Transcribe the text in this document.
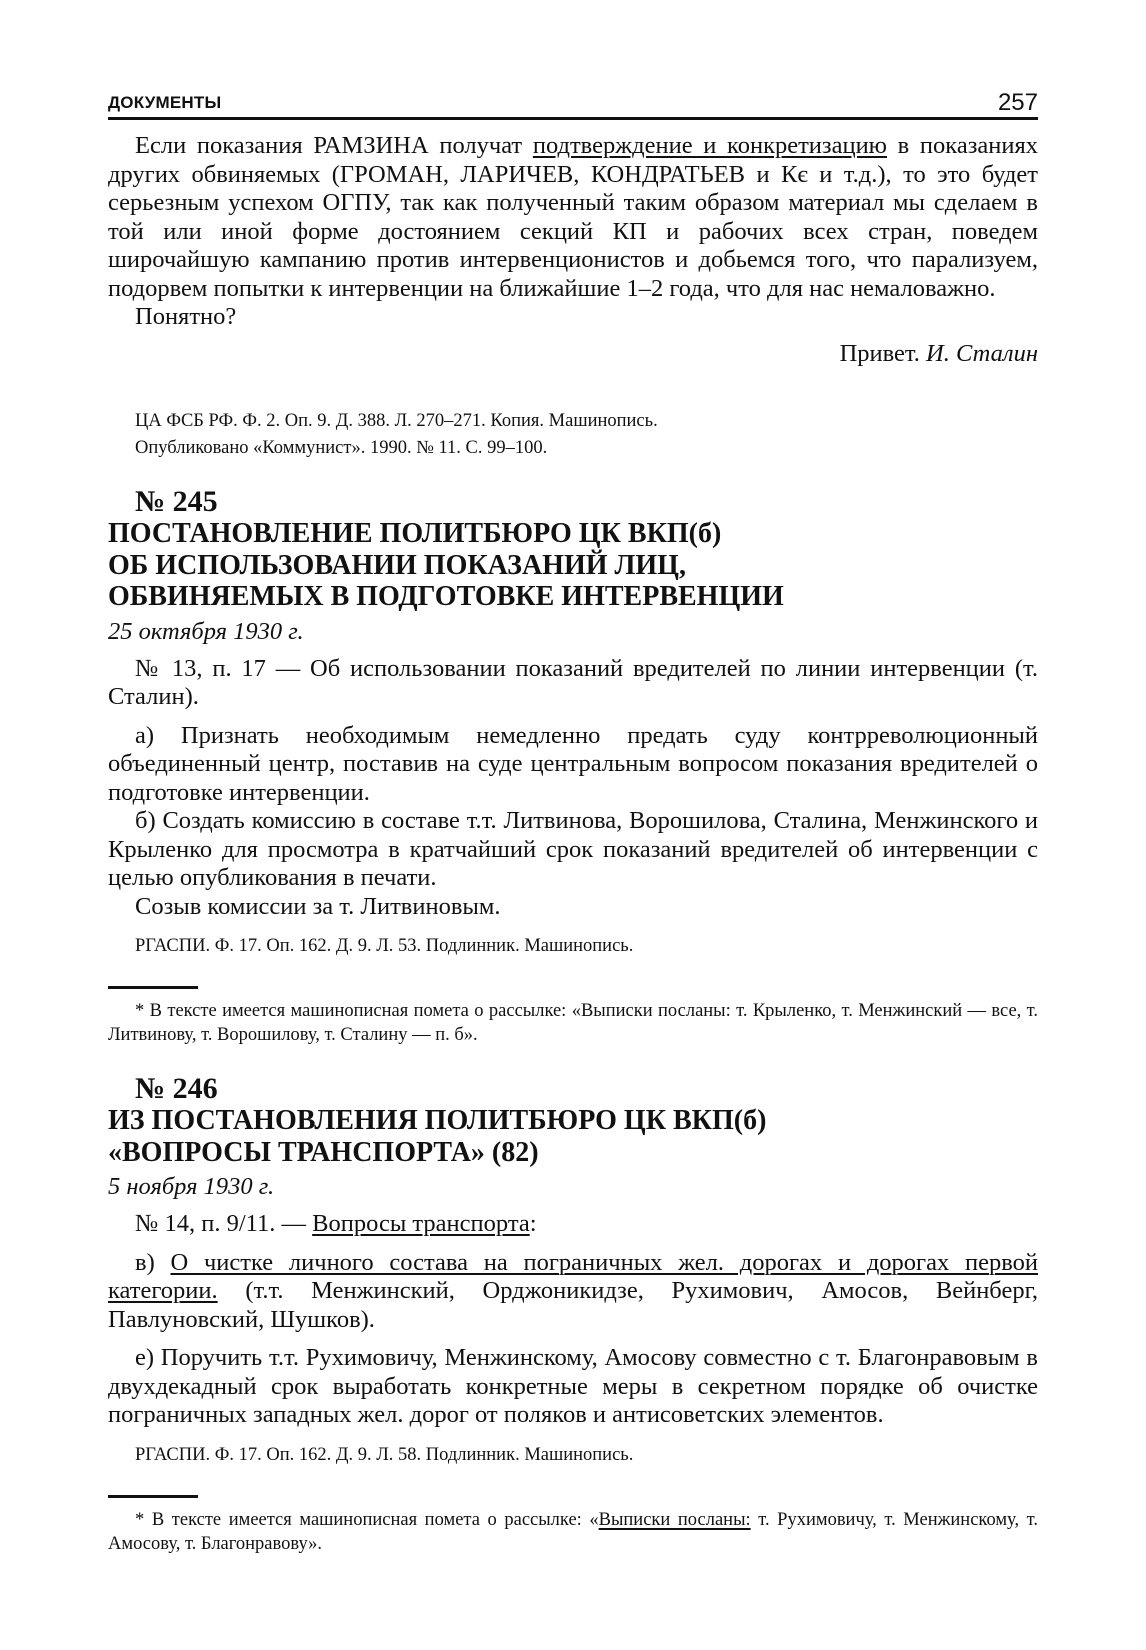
ДОКУМЕНТЫ	257

Если показания РАМЗИНА получат подтверждение и конкретизацию в показаниях других обвиняемых (ГРОМАН, ЛАРИЧЕВ, КОНДРАТЬЕВ и Кє и т.д.), то это будет серьезным успехом ОГПУ, так как полученный таким образом материал мы сделаем в той или иной форме достоянием секций КП и рабочих всех стран, поведем широчайшую кампанию против интервенционистов и добьемся того, что парализуем, подорвем попытки к интервенции на ближайшие 1–2 года, что для нас немаловажно.

Понятно?

Привет. И. Сталин

ЦА ФСБ РФ. Ф. 2. Оп. 9. Д. 388. Л. 270–271. Копия. Машинопись.

Опубликовано «Коммунист». 1990. № 11. С. 99–100.

№ 245

ПОСТАНОВЛЕНИЕ ПОЛИТБЮРО ЦК ВКП(б)

ОБ ИСПОЛЬЗОВАНИИ ПОКАЗАНИЙ ЛИЦ,

ОБВИНЯЕМЫХ В ПОДГОТОВКЕ ИНТЕРВЕНЦИИ

25 октября 1930 г.

№ 13, п. 17 — Об использовании показаний вредителей по линии интервенции (т. Сталин).

а) Признать необходимым немедленно предать суду контрреволюционный объединенный центр, поставив на суде центральным вопросом показания вредителей о подготовке интервенции.

б) Создать комиссию в составе т.т. Литвинова, Ворошилова, Сталина, Менжинского и Крыленко для просмотра в кратчайший срок показаний вредителей об интервенции с целью опубликования в печати.

Созыв комиссии за т. Литвиновым.

РГАСПИ. Ф. 17. Оп. 162. Д. 9. Л. 53. Подлинник. Машинопись.

* В тексте имеется машинописная помета о рассылке: «Выписки посланы: т. Крыленко, т. Менжинский — все, т. Литвинову, т. Ворошилову, т. Сталину — п. б».

№ 246

ИЗ ПОСТАНОВЛЕНИЯ ПОЛИТБЮРО ЦК ВКП(б)

«ВОПРОСЫ ТРАНСПОРТА» (82)

5 ноября 1930 г.

№ 14, п. 9/11. — Вопросы транспорта:

в) О чистке личного состава на пограничных жел. дорогах и дорогах первой категории. (т.т. Менжинский, Орджоникидзе, Рухимович, Амосов, Вейнберг, Павлуновский, Шушков).

е) Поручить т.т. Рухимовичу, Менжинскому, Амосову совместно с т. Благонравовым в двухдекадный срок выработать конкретные меры в секретном порядке об очистке пограничных западных жел. дорог от поляков и антисоветских элементов.

РГАСПИ. Ф. 17. Оп. 162. Д. 9. Л. 58. Подлинник. Машинопись.

* В тексте имеется машинописная помета о рассылке: «Выписки посланы: т. Рухимовичу, т. Менжинскому, т. Амосову, т. Благонравову».
